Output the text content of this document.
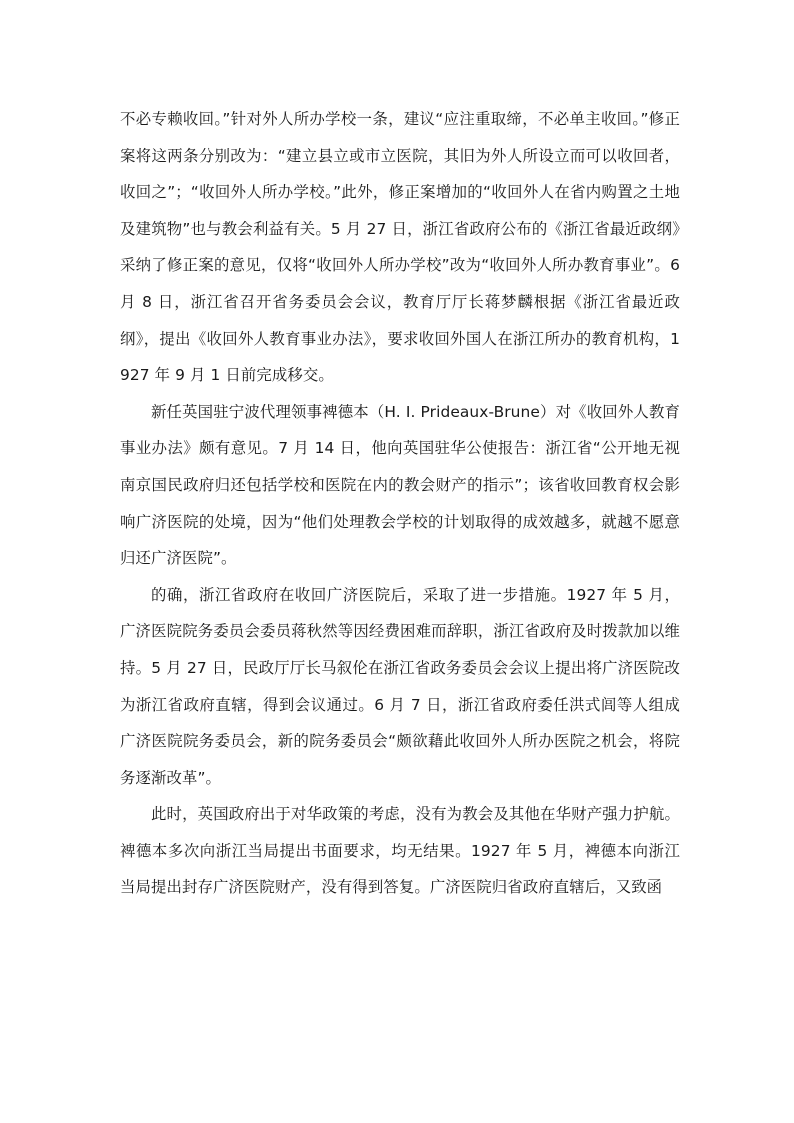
不必专赖收回。”针对外人所办学校一条，建议“应注重取缔，不必单主收回。”修正案将这两条分别改为：“建立县立或市立医院，其旧为外人所设立而可以收回者，收回之”；“收回外人所办学校。”此外，修正案增加的“收回外人在省内购置之土地及建筑物”也与教会利益有关。5 月 27 日，浙江省政府公布的《浙江省最近政纲》采纳了修正案的意见，仅将“收回外人所办学校”改为“收回外人所办教育事业”。6 月 8 日，浙江省召开省务委员会会议，教育厅厅长蒋梦麟根据《浙江省最近政纲》，提出《收回外人教育事业办法》，要求收回外国人在浙江所办的教育机构，1927 年 9 月 1 日前完成移交。

新任英国驻宁波代理领事裨德本（H. I. Prideaux-Brune）对《收回外人教育事业办法》颇有意见。7 月 14 日，他向英国驻华公使报告：浙江省“公开地无视南京国民政府归还包括学校和医院在内的教会财产的指示”；该省收回教育权会影响广济医院的处境，因为“他们处理教会学校的计划取得的成效越多，就越不愿意归还广济医院”。

的确，浙江省政府在收回广济医院后，采取了进一步措施。1927 年 5 月，广济医院院务委员会委员蒋秋然等因经费困难而辞职，浙江省政府及时拨款加以维持。5 月 27 日，民政厅厅长马叙伦在浙江省政务委员会会议上提出将广济医院改为浙江省政府直辖，得到会议通过。6 月 7 日，浙江省政府委任洪式闾等人组成广济医院院务委员会，新的院务委员会“颇欲藉此收回外人所办医院之机会，将院务逐渐改革”。

此时，英国政府出于对华政策的考虑，没有为教会及其他在华财产强力护航。裨德本多次向浙江当局提出书面要求，均无结果。1927 年 5 月，裨德本向浙江当局提出封存广济医院财产，没有得到答复。广济医院归省政府直辖后，又致函
